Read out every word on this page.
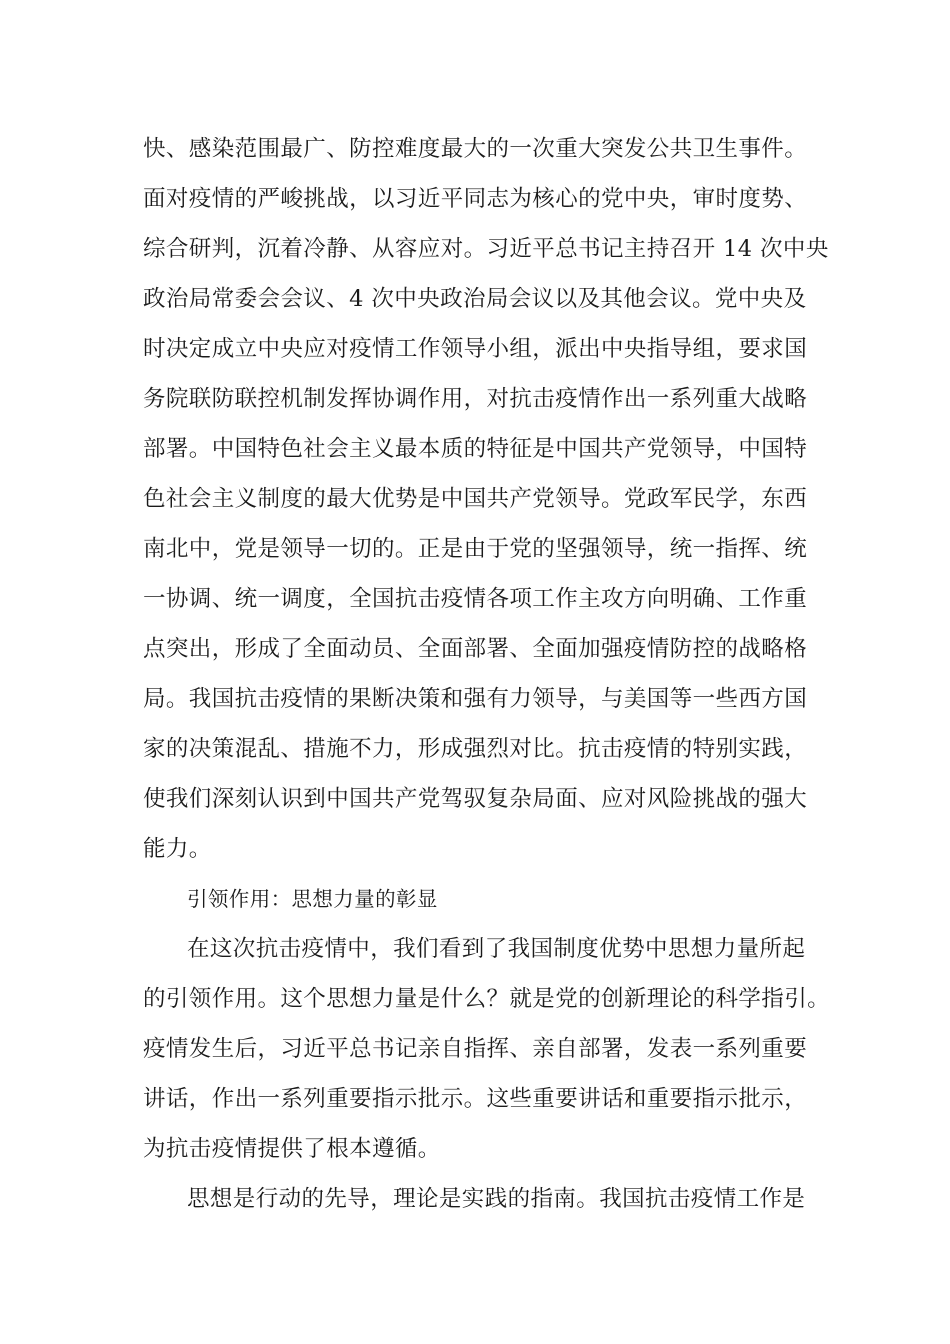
快、感染范围最广、防控难度最大的一次重大突发公共卫生事件。
面对疫情的严峻挑战，以习近平同志为核心的党中央，审时度势、
综合研判，沉着冷静、从容应对。习近平总书记主持召开 14 次中央
政治局常委会会议、4 次中央政治局会议以及其他会议。党中央及
时决定成立中央应对疫情工作领导小组，派出中央指导组，要求国
务院联防联控机制发挥协调作用，对抗击疫情作出一系列重大战略
部署。中国特色社会主义最本质的特征是中国共产党领导，中国特
色社会主义制度的最大优势是中国共产党领导。党政军民学，东西
南北中，党是领导一切的。正是由于党的坚强领导，统一指挥、统
一协调、统一调度，全国抗击疫情各项工作主攻方向明确、工作重
点突出，形成了全面动员、全面部署、全面加强疫情防控的战略格
局。我国抗击疫情的果断决策和强有力领导，与美国等一些西方国
家的决策混乱、措施不力，形成强烈对比。抗击疫情的特别实践，
使我们深刻认识到中国共产党驾驭复杂局面、应对风险挑战的强大
能力。
引领作用：思想力量的彰显
在这次抗击疫情中，我们看到了我国制度优势中思想力量所起
的引领作用。这个思想力量是什么？就是党的创新理论的科学指引。
疫情发生后，习近平总书记亲自指挥、亲自部署，发表一系列重要
讲话，作出一系列重要指示批示。这些重要讲话和重要指示批示，
为抗击疫情提供了根本遵循。
思想是行动的先导，理论是实践的指南。我国抗击疫情工作是
